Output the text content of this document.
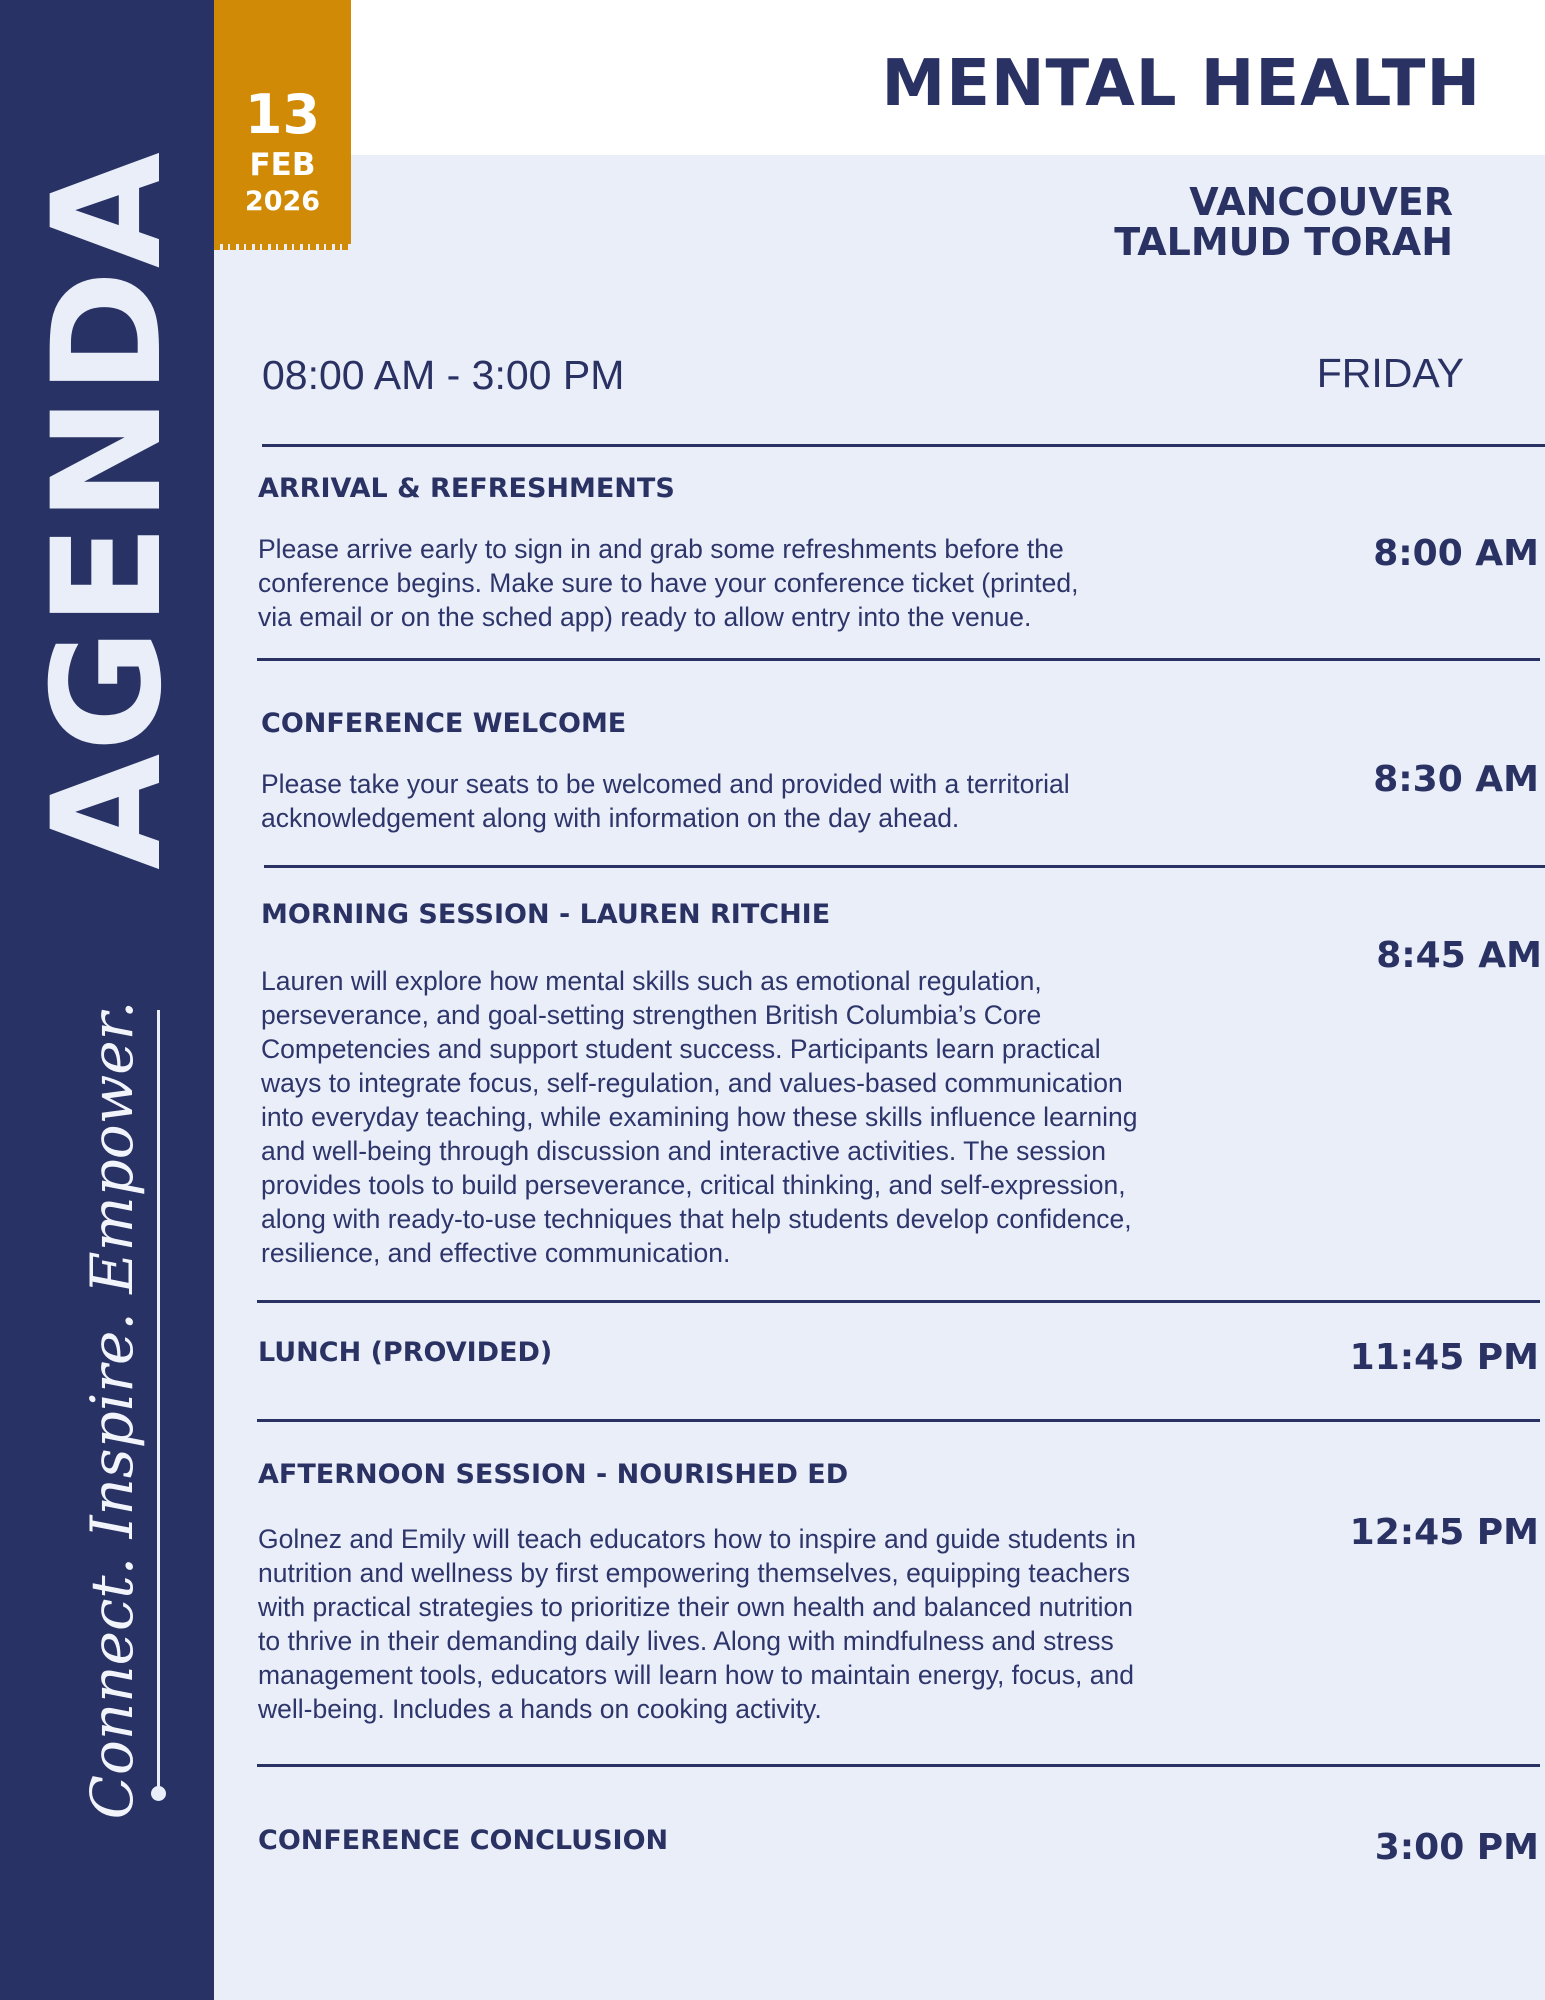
AGENDA
Connect. Inspire. Empower.
13
FEB
2026
MENTAL HEALTH
VANCOUVER
TALMUD TORAH
08:00 AM - 3:00 PM	FRIDAY
ARRIVAL & REFRESHMENTS
Please arrive early to sign in and grab some refreshments before the
conference begins. Make sure to have your conference ticket (printed,
via email or on the sched app) ready to allow entry into the venue.
8:00 AM
CONFERENCE WELCOME
Please take your seats to be welcomed and provided with a territorial
acknowledgement along with information on the day ahead.
8:30 AM
MORNING SESSION - LAUREN RITCHIE
Lauren will explore how mental skills such as emotional regulation,
perseverance, and goal-setting strengthen British Columbia’s Core
Competencies and support student success. Participants learn practical
ways to integrate focus, self-regulation, and values-based communication
into everyday teaching, while examining how these skills influence learning
and well-being through discussion and interactive activities. The session
provides tools to build perseverance, critical thinking, and self-expression,
along with ready-to-use techniques that help students develop confidence,
resilience, and effective communication.
8:45 AM
LUNCH (PROVIDED)	11:45 PM
AFTERNOON SESSION - NOURISHED ED
Golnez and Emily will teach educators how to inspire and guide students in
nutrition and wellness by first empowering themselves, equipping teachers
with practical strategies to prioritize their own health and balanced nutrition
to thrive in their demanding daily lives. Along with mindfulness and stress
management tools, educators will learn how to maintain energy, focus, and
well-being. Includes a hands on cooking activity.
12:45 PM
CONFERENCE CONCLUSION	3:00 PM
